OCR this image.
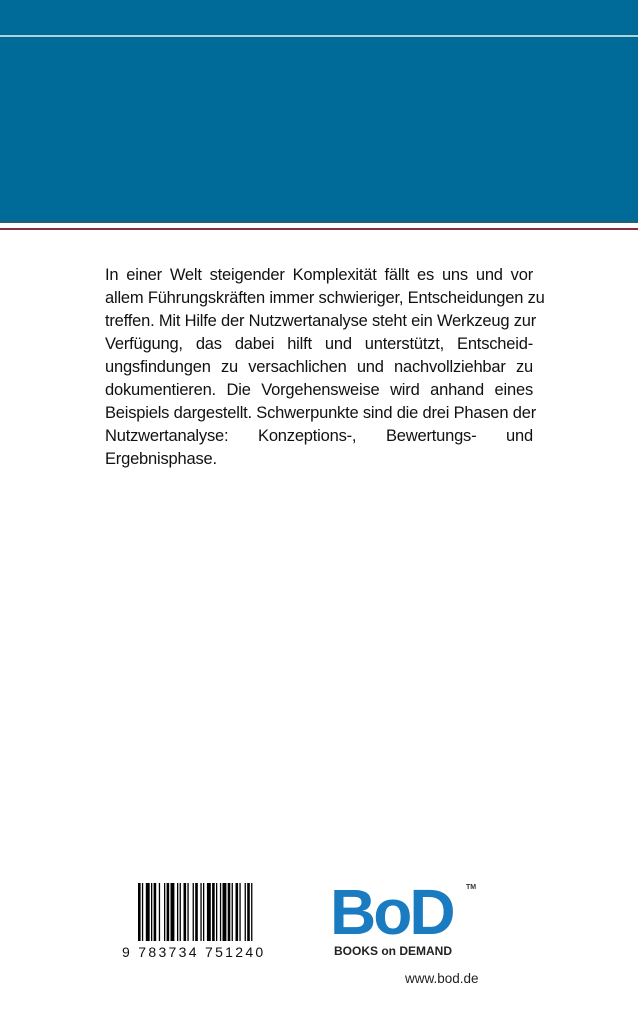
In einer Welt steigender Komplexität fällt es uns und vor
allem Führungskräften immer schwieriger, Entscheidungen zu
treffen. Mit Hilfe der Nutzwertanalyse steht ein Werkzeug zur
Verfügung, das dabei hilft und unterstützt, Entscheid-
ungsfindungen zu versachlichen und nachvollziehbar zu
dokumentieren. Die Vorgehensweise wird anhand eines
Beispiels dargestellt. Schwerpunkte sind die drei Phasen der
Nutzwertanalyse: Konzeptions-, Bewertungs- und
Ergebnisphase.
9 783734 751240
BoD TM
BOOKS on DEMAND
www.bod.de
